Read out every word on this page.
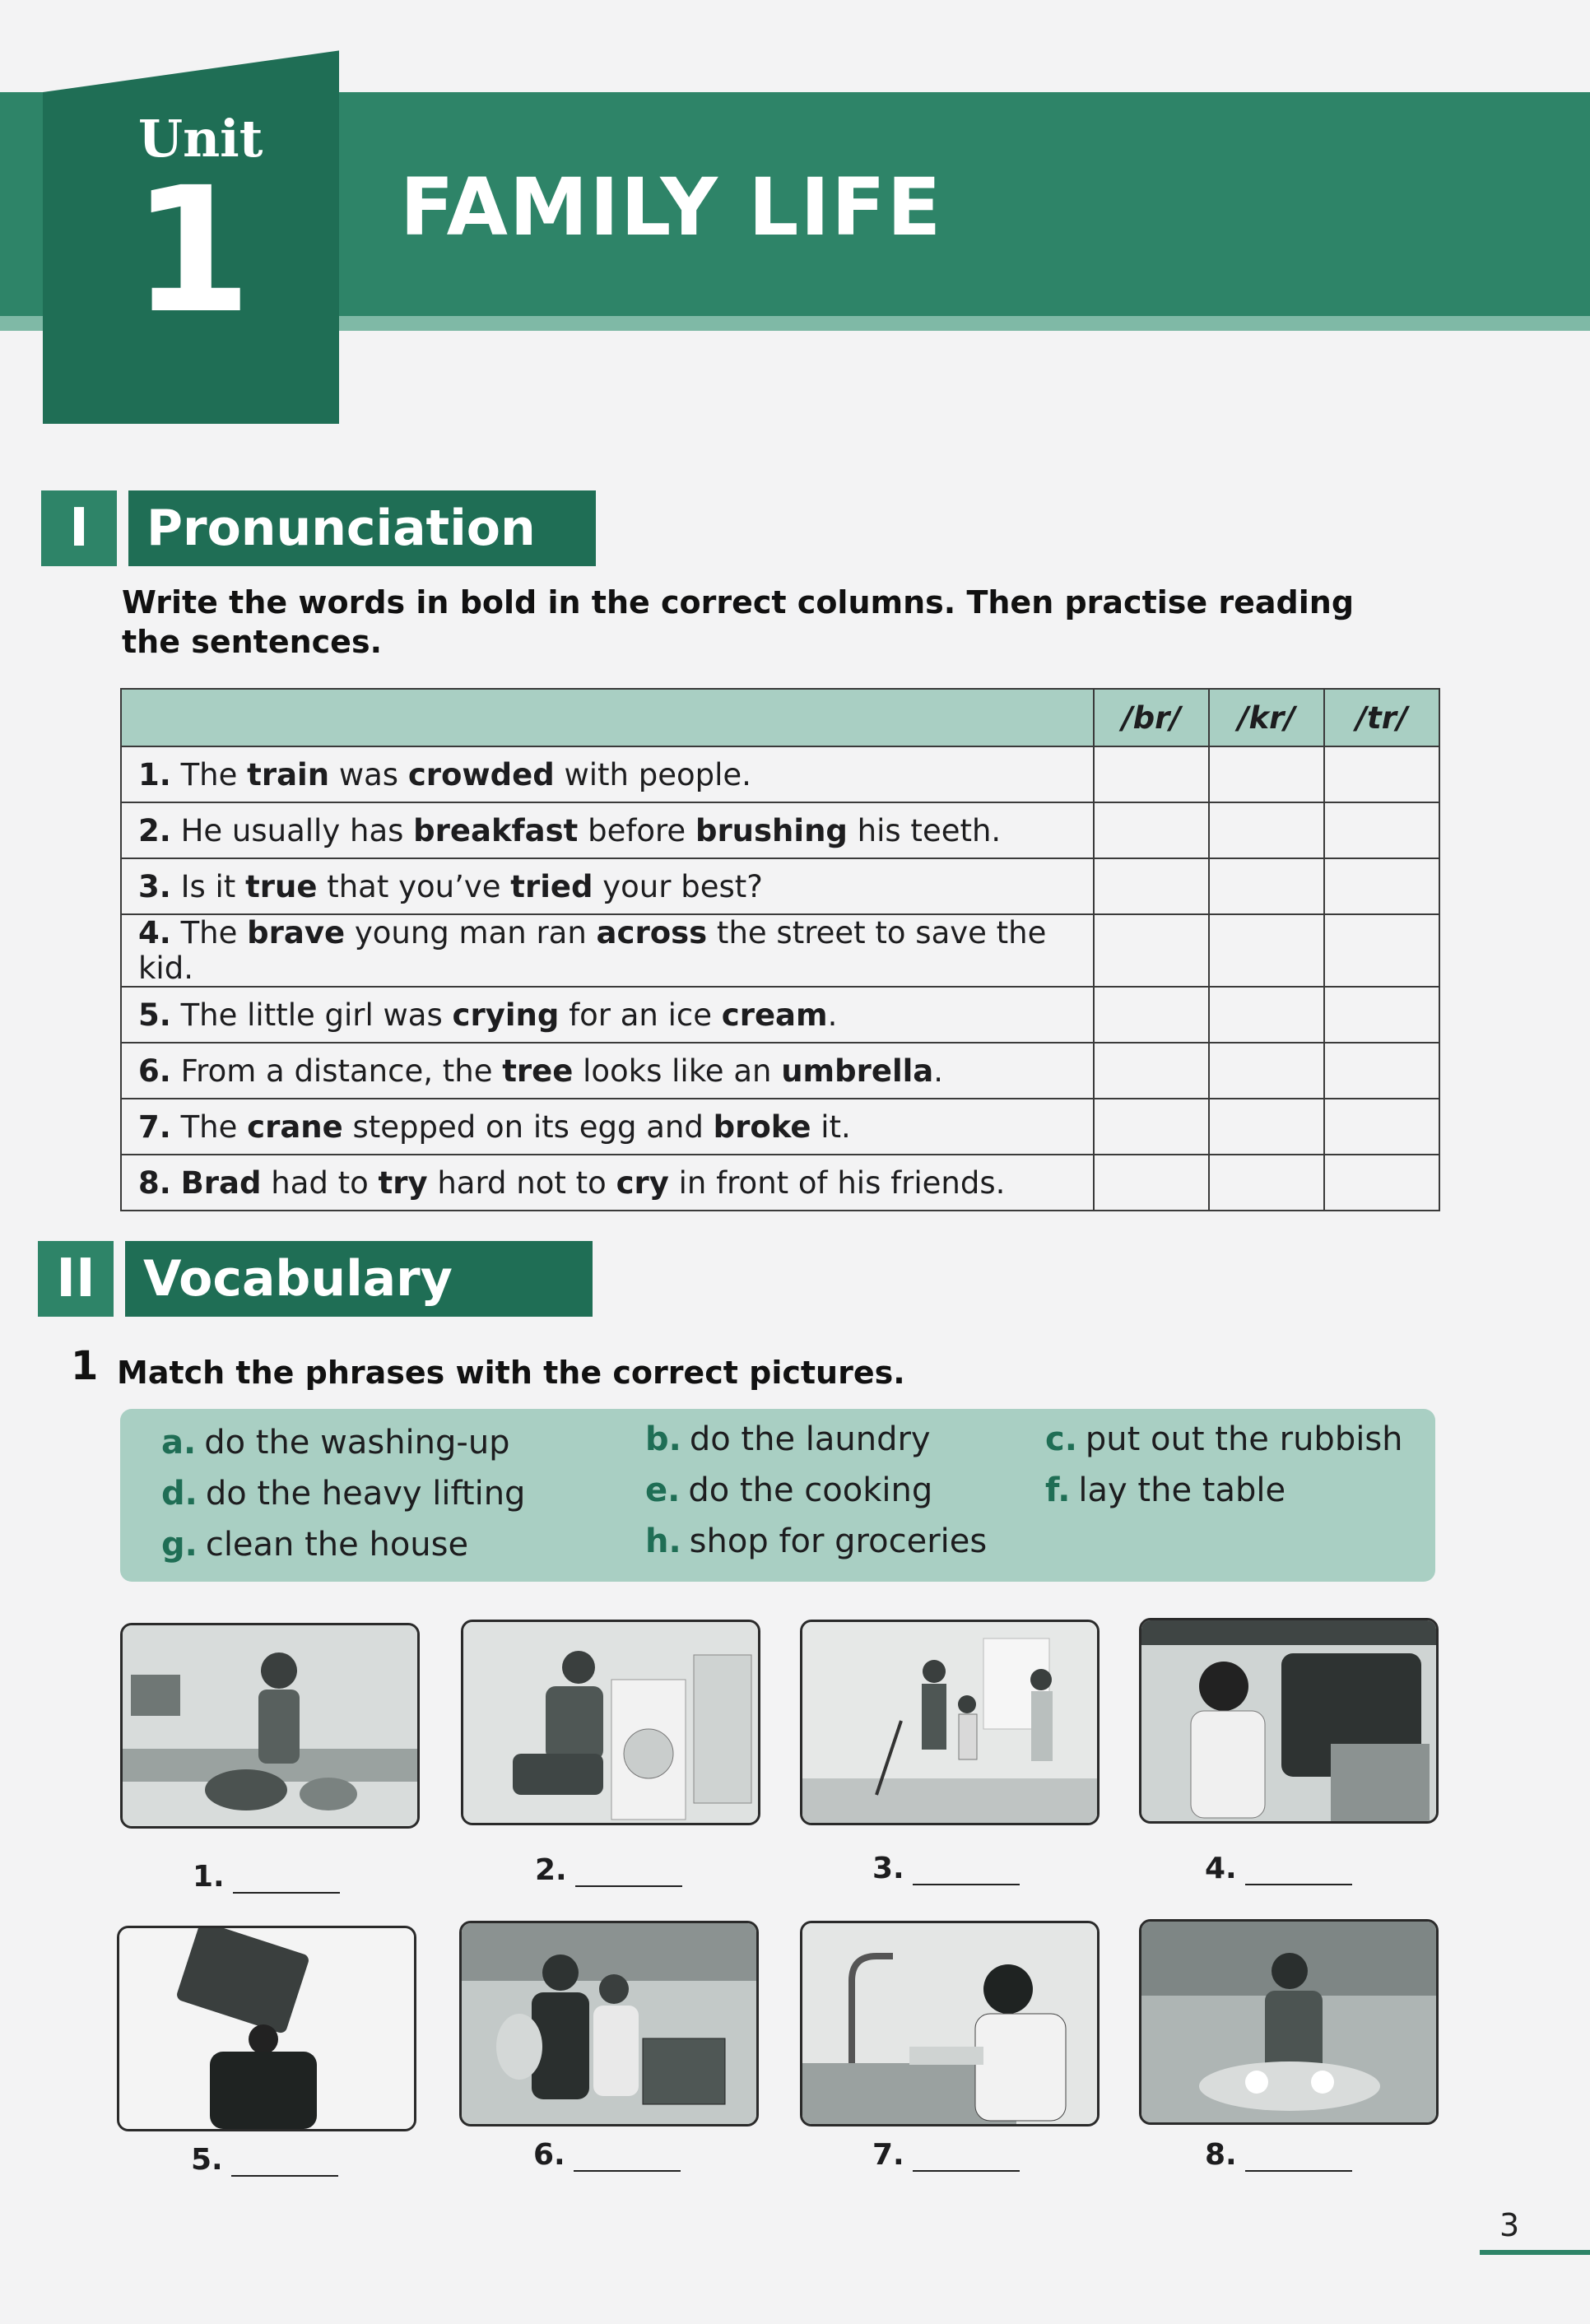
Unit
1 FAMILY LIFE
I	Pronunciation
Write the words in bold in the correct columns. Then practise reading the sentences.
	/br/	/kr/	/tr/
1. The train was crowded with people.			
2. He usually has breakfast before brushing his teeth.			
3. Is it true that you’ve tried your best?			
4. The brave young man ran across the street to save the kid.			
5. The little girl was crying for an ice cream.			
6. From a distance, the tree looks like an umbrella.			
7. The crane stepped on its egg and broke it.			
8. Brad had to try hard not to cry in front of his friends.			
II Vocabulary
1 Match the phrases with the correct pictures.
a. do the washing-up	b. do the laundry	c. put out the rubbish
d. do the heavy lifting	e. do the cooking	f. lay the table
g. clean the house	h. shop for groceries
1.	2.	3.	4.
5.	6.	7.	8.
3
